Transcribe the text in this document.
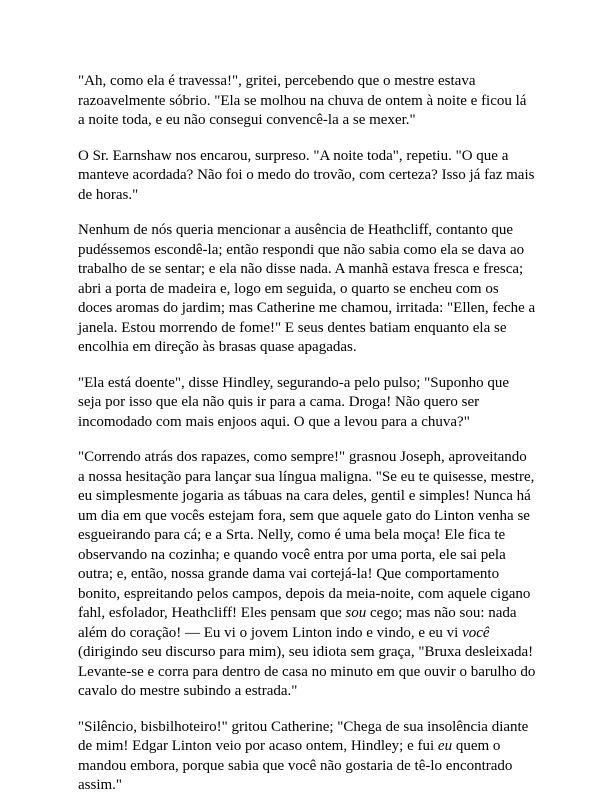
"Ah, como ela é travessa!", gritei, percebendo que o mestre estava
razoavelmente sóbrio. "Ela se molhou na chuva de ontem à noite e ficou lá
a noite toda, e eu não consegui convencê-la a se mexer."

O Sr. Earnshaw nos encarou, surpreso. "A noite toda", repetiu. "O que a
manteve acordada? Não foi o medo do trovão, com certeza? Isso já faz mais
de horas."

Nenhum de nós queria mencionar a ausência de Heathcliff, contanto que
pudéssemos escondê-la; então respondi que não sabia como ela se dava ao
trabalho de se sentar; e ela não disse nada. A manhã estava fresca e fresca;
abri a porta de madeira e, logo em seguida, o quarto se encheu com os
doces aromas do jardim; mas Catherine me chamou, irritada: "Ellen, feche a
janela. Estou morrendo de fome!" E seus dentes batiam enquanto ela se
encolhia em direção às brasas quase apagadas.

"Ela está doente", disse Hindley, segurando-a pelo pulso; "Suponho que
seja por isso que ela não quis ir para a cama. Droga! Não quero ser
incomodado com mais enjoos aqui. O que a levou para a chuva?"

"Correndo atrás dos rapazes, como sempre!" grasnou Joseph, aproveitando
a nossa hesitação para lançar sua língua maligna. "Se eu te quisesse, mestre,
eu simplesmente jogaria as tábuas na cara deles, gentil e simples! Nunca há
um dia em que vocês estejam fora, sem que aquele gato do Linton venha se
esgueirando para cá; e a Srta. Nelly, como é uma bela moça! Ele fica te
observando na cozinha; e quando você entra por uma porta, ele sai pela
outra; e, então, nossa grande dama vai cortejá-la! Que comportamento
bonito, espreitando pelos campos, depois da meia-noite, com aquele cigano
fahl, esfolador, Heathcliff! Eles pensam que sou cego; mas não sou: nada
além do coração! — Eu vi o jovem Linton indo e vindo, e eu vi você
(dirigindo seu discurso para mim), seu idiota sem graça, "Bruxa desleixada!
Levante-se e corra para dentro de casa no minuto em que ouvir o barulho do
cavalo do mestre subindo a estrada."

"Silêncio, bisbilhoteiro!" gritou Catherine; "Chega de sua insolência diante
de mim! Edgar Linton veio por acaso ontem, Hindley; e fui eu quem o
mandou embora, porque sabia que você não gostaria de tê-lo encontrado
assim."
